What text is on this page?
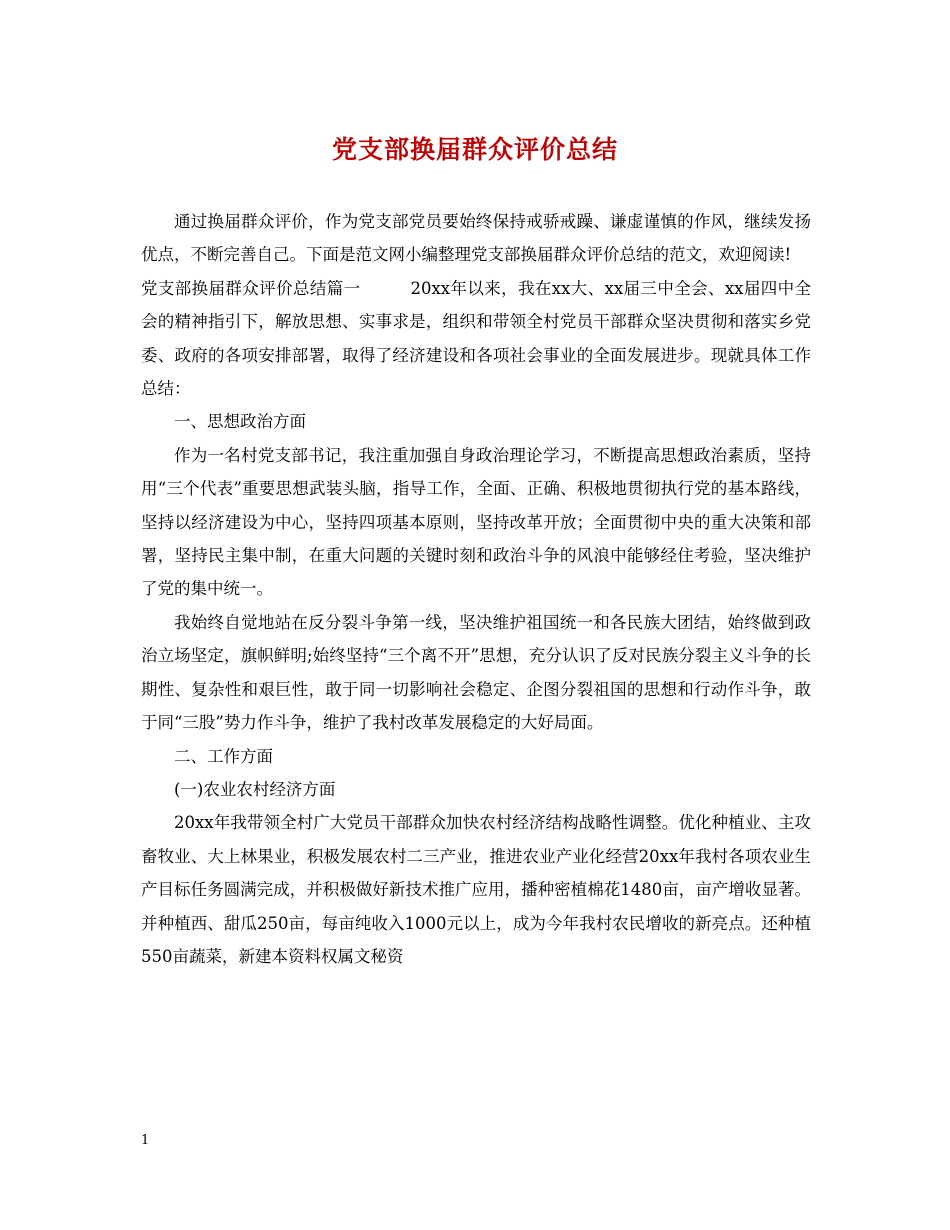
党支部换届群众评价总结

通过换届群众评价，作为党支部党员要始终保持戒骄戒躁、谦虚谨慎的作风，继续发扬优点，不断完善自己。下面是范文网小编整理党支部换届群众评价总结的范文，欢迎阅读!

党支部换届群众评价总结篇一	20xx年以来，我在xx大、xx届三中全会、xx届四中全会的精神指引下，解放思想、实事求是，组织和带领全村党员干部群众坚决贯彻和落实乡党委、政府的各项安排部署，取得了经济建设和各项社会事业的全面发展进步。现就具体工作总结：

一、思想政治方面

作为一名村党支部书记，我注重加强自身政治理论学习，不断提高思想政治素质，坚持用“三个代表”重要思想武装头脑，指导工作，全面、正确、积极地贯彻执行党的基本路线，坚持以经济建设为中心，坚持四项基本原则，坚持改革开放；全面贯彻中央的重大决策和部署，坚持民主集中制，在重大问题的关键时刻和政治斗争的风浪中能够经住考验，坚决维护了党的集中统一。

我始终自觉地站在反分裂斗争第一线，坚决维护祖国统一和各民族大团结，始终做到政治立场坚定，旗帜鲜明;始终坚持“三个离不开”思想，充分认识了反对民族分裂主义斗争的长期性、复杂性和艰巨性，敢于同一切影响社会稳定、企图分裂祖国的思想和行动作斗争，敢于同“三股”势力作斗争，维护了我村改革发展稳定的大好局面。

二、工作方面

(一)农业农村经济方面

20xx年我带领全村广大党员干部群众加快农村经济结构战略性调整。优化种植业、主攻畜牧业、大上林果业，积极发展农村二三产业，推进农业产业化经营20xx年我村各项农业生产目标任务圆满完成，并积极做好新技术推广应用，播种密植棉花1480亩，亩产增收显著。并种植西、甜瓜250亩，每亩纯收入1000元以上，成为今年我村农民增收的新亮点。还种植550亩蔬菜，新建本资料权属文秘资

1
